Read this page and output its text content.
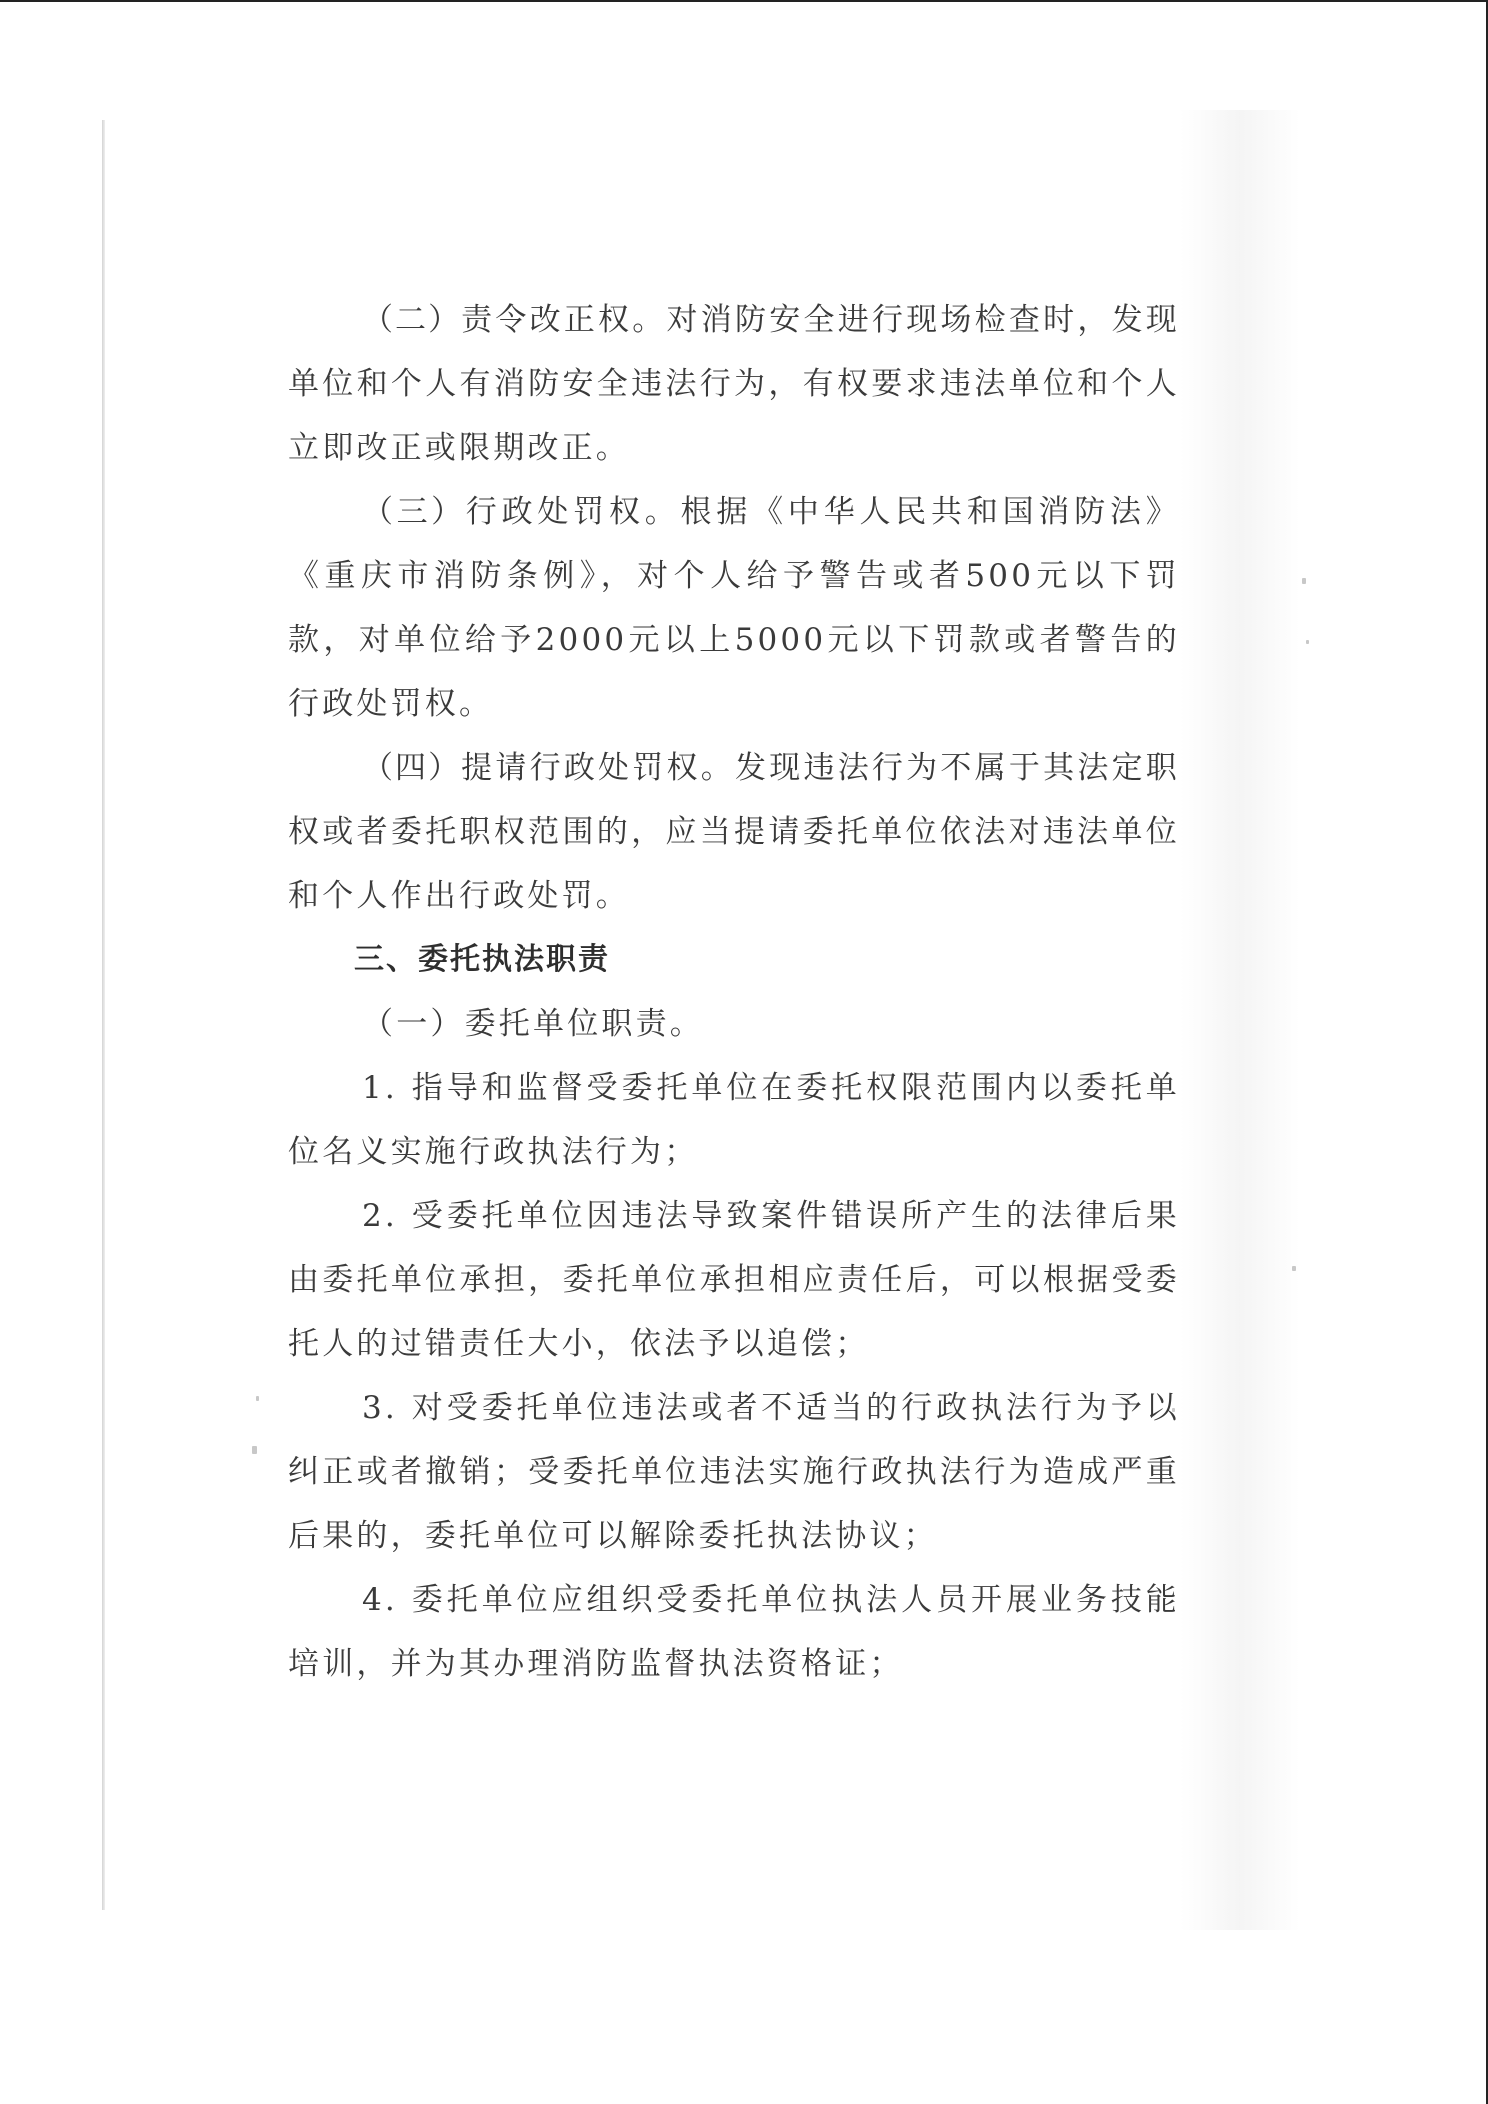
（二）责令改正权。对消防安全进行现场检查时，发现单位和个人有消防安全违法行为，有权要求违法单位和个人立即改正或限期改正。

（三）行政处罚权。根据《中华人民共和国消防法》《重庆市消防条例》，对个人给予警告或者500元以下罚款，对单位给予2000元以上5000元以下罚款或者警告的行政处罚权。

（四）提请行政处罚权。发现违法行为不属于其法定职权或者委托职权范围的，应当提请委托单位依法对违法单位和个人作出行政处罚。

三、委托执法职责

（一）委托单位职责。

1. 指导和监督受委托单位在委托权限范围内以委托单位名义实施行政执法行为；

2. 受委托单位因违法导致案件错误所产生的法律后果由委托单位承担，委托单位承担相应责任后，可以根据受委托人的过错责任大小，依法予以追偿；

3. 对受委托单位违法或者不适当的行政执法行为予以纠正或者撤销；受委托单位违法实施行政执法行为造成严重后果的，委托单位可以解除委托执法协议；

4. 委托单位应组织受委托单位执法人员开展业务技能培训，并为其办理消防监督执法资格证；
